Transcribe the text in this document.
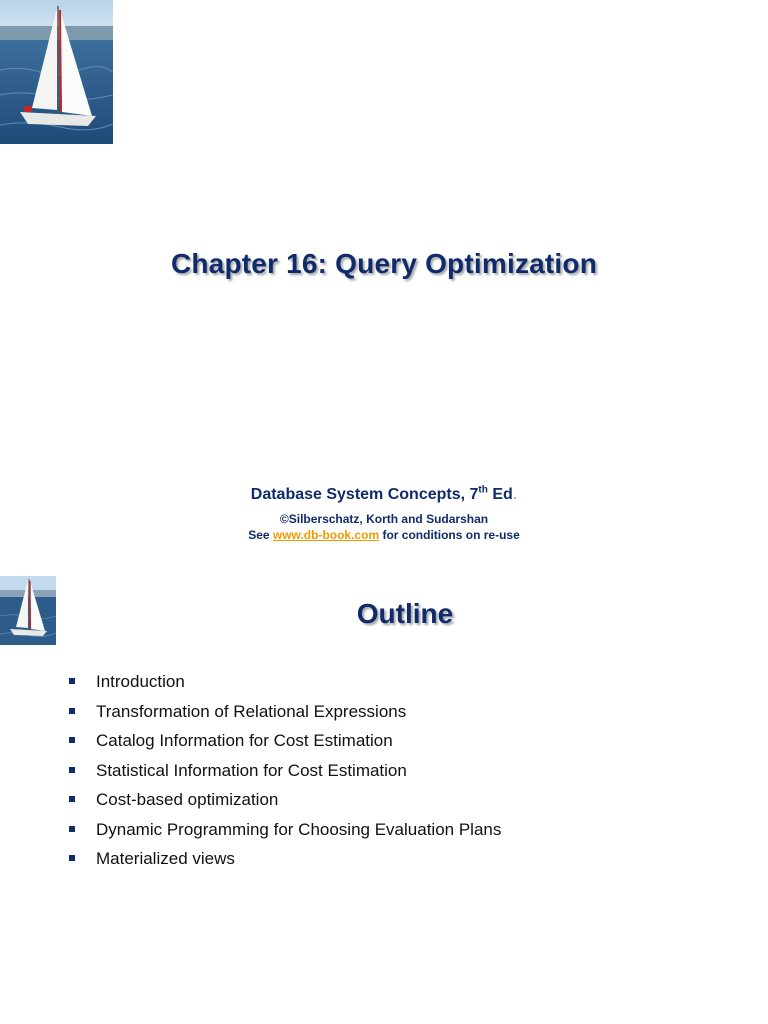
Chapter 16: Query Optimization
Database System Concepts, 7th Ed.
©Silberschatz, Korth and Sudarshan
See www.db-book.com for conditions on re-use
Outline
Introduction
Transformation of Relational Expressions
Catalog Information for Cost Estimation
Statistical Information for Cost Estimation
Cost-based optimization
Dynamic Programming for Choosing Evaluation Plans
Materialized views
